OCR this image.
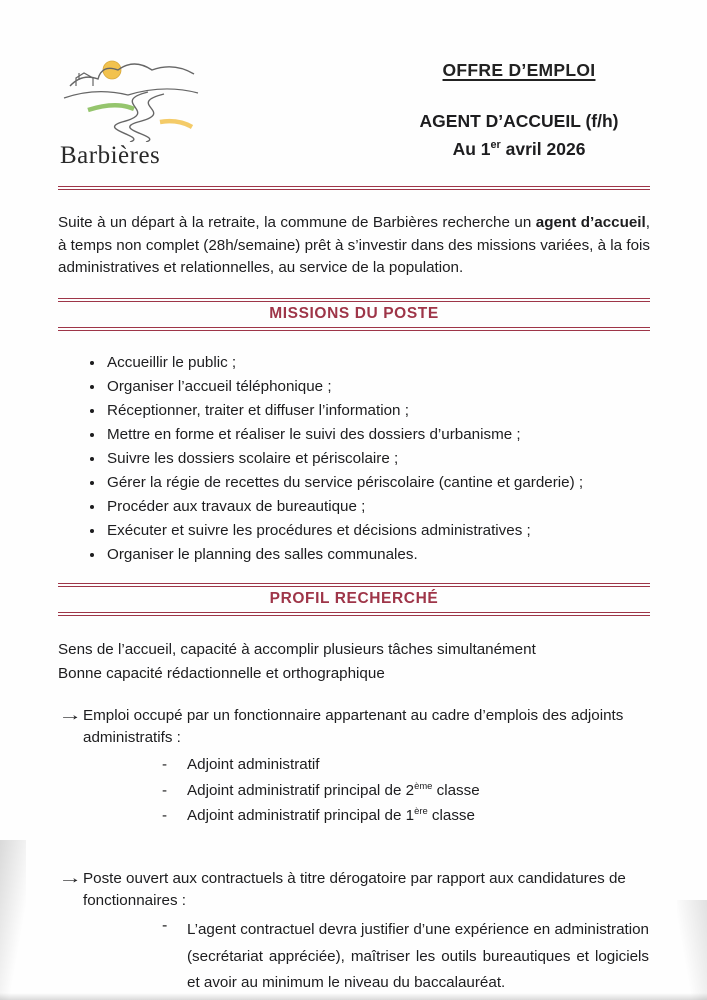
Barbières
OFFRE D’EMPLOI
AGENT D’ACCUEIL (f/h)
Au 1er avril 2026

Suite à un départ à la retraite, la commune de Barbières recherche un agent d’accueil, à temps non complet (28h/semaine) prêt à s’investir dans des missions variées, à la fois administratives et relationnelles, au service de la population.

MISSIONS DU POSTE
• Accueillir le public ;
• Organiser l’accueil téléphonique ;
• Réceptionner, traiter et diffuser l’information ;
• Mettre en forme et réaliser le suivi des dossiers d’urbanisme ;
• Suivre les dossiers scolaire et périscolaire ;
• Gérer la régie de recettes du service périscolaire (cantine et garderie) ;
• Procéder aux travaux de bureautique ;
• Exécuter et suivre les procédures et décisions administratives ;
• Organiser le planning des salles communales.
PROFIL RECHERCHÉ
Sens de l’accueil, capacité à accomplir plusieurs tâches simultanément
Bonne capacité rédactionnelle et orthographique
→ Emploi occupé par un fonctionnaire appartenant au cadre d’emplois des adjoints administratifs :
- Adjoint administratif
- Adjoint administratif principal de 2ème classe
- Adjoint administratif principal de 1ère classe
→ Poste ouvert aux contractuels à titre dérogatoire par rapport aux candidatures de fonctionnaires :
- L’agent contractuel devra justifier d’une expérience en administration (secrétariat appréciée), maîtriser les outils bureautiques et logiciels et avoir au minimum le niveau du baccalauréat.
